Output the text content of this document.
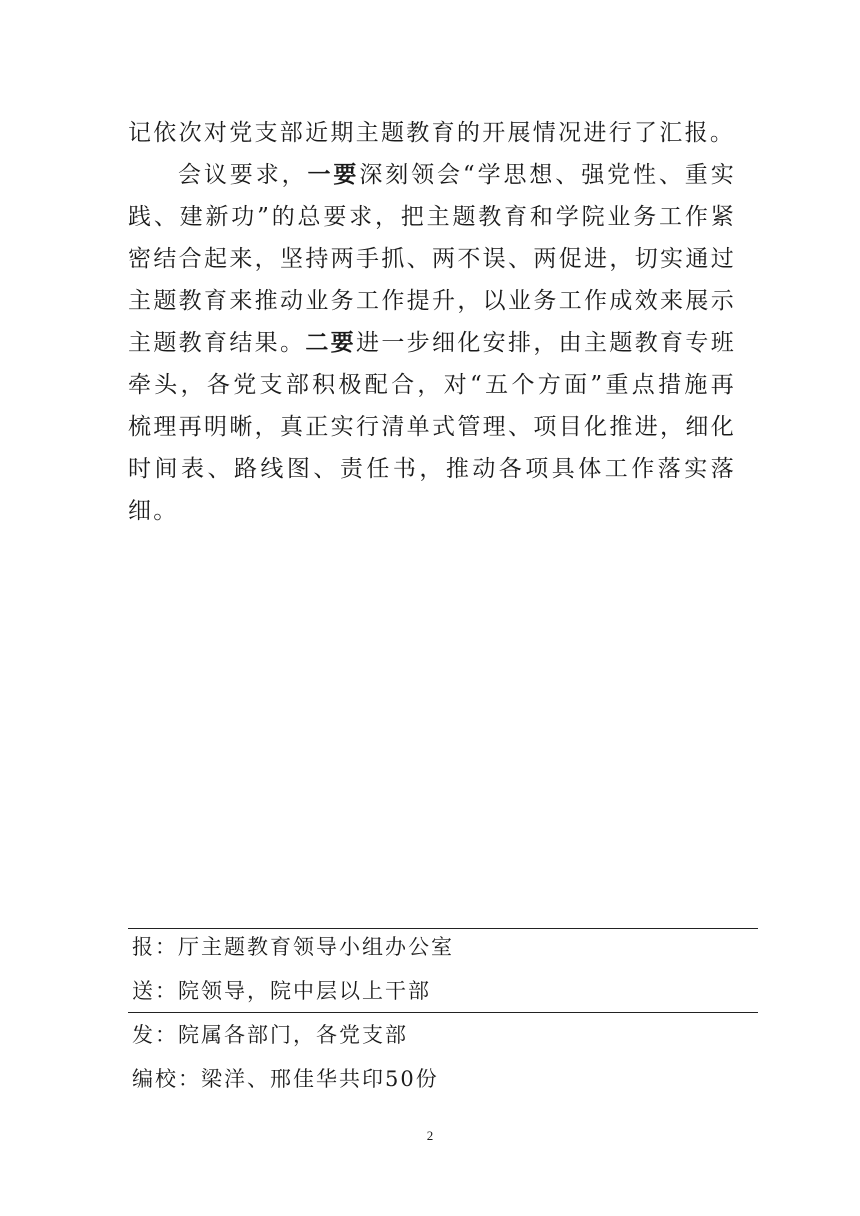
记依次对党支部近期主题教育的开展情况进行了汇报。

会议要求，一要深刻领会“学思想、强党性、重实践、建新功”的总要求，把主题教育和学院业务工作紧密结合起来，坚持两手抓、两不误、两促进，切实通过主题教育来推动业务工作提升，以业务工作成效来展示主题教育结果。二要进一步细化安排，由主题教育专班牵头，各党支部积极配合，对“五个方面”重点措施再梳理再明晰，真正实行清单式管理、项目化推进，细化时间表、路线图、责任书，推动各项具体工作落实落细。

报：厅主题教育领导小组办公室
送：院领导，院中层以上干部
发：院属各部门，各党支部
编校：梁洋、邢佳华共印50份
2
